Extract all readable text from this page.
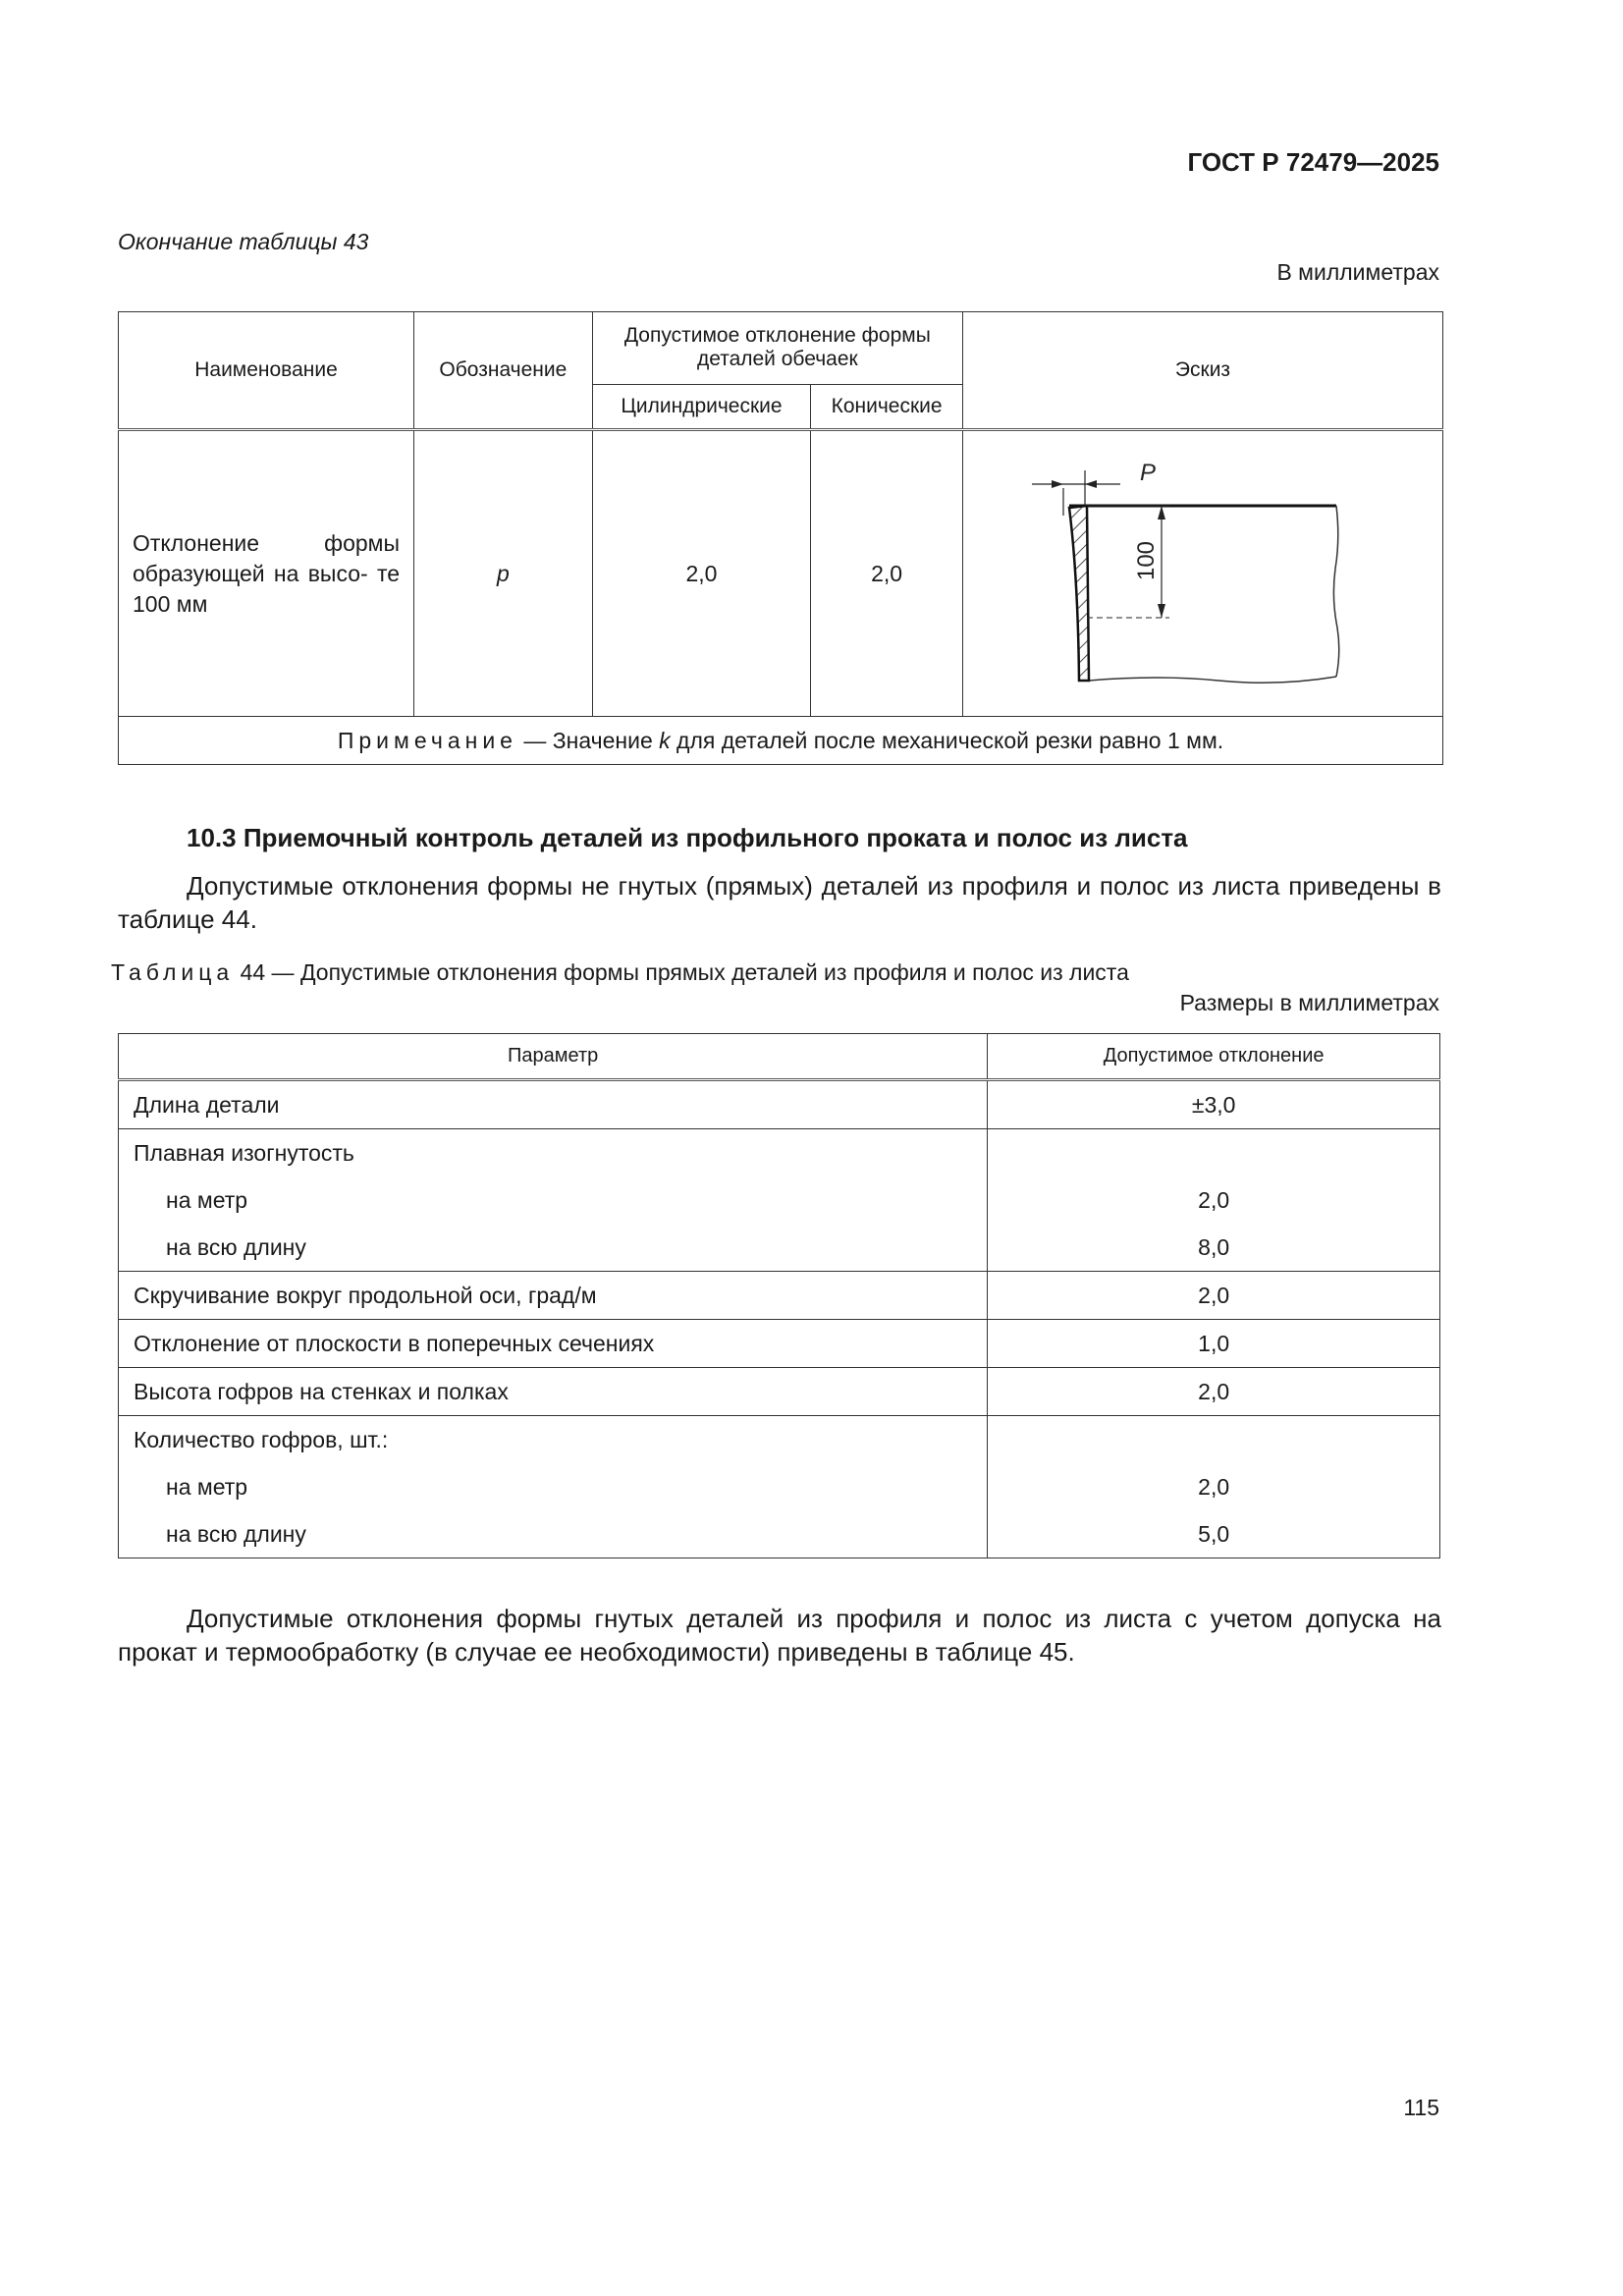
ГОСТ Р 72479—2025
Окончание таблицы 43
В миллиметрах
Наименование	Обозначение	Допустимое отклонение формы деталей обечаек		Эскиз
		Цилиндрические	Конические	
Отклонение формы образующей на высо- те 100 мм	p	2,0	2,0	P
100

Примечание — Значение k для деталей после механической резки равно 1 мм.				
10.3 Приемочный контроль деталей из профильного проката и полос из листа
Допустимые отклонения формы не гнутых (прямых) деталей из профиля и полос из листа приведены в таблице 44.
Таблица 44 — Допустимые отклонения формы прямых деталей из профиля и полос из листа
Размеры в миллиметрах
Параметр	Допустимое отклонение
Длина детали	±3,0
Плавная изогнутость	
на метр	2,0
на всю длину	8,0
Скручивание вокруг продольной оси, град/м	2,0
Отклонение от плоскости в поперечных сечениях	1,0
Высота гофров на стенках и полках	2,0
Количество гофров, шт.:	
на метр	2,0
на всю длину	5,0
Допустимые отклонения формы гнутых деталей из профиля и полос из листа с учетом допуска на прокат и термообработку (в случае ее необходимости) приведены в таблице 45.
115
